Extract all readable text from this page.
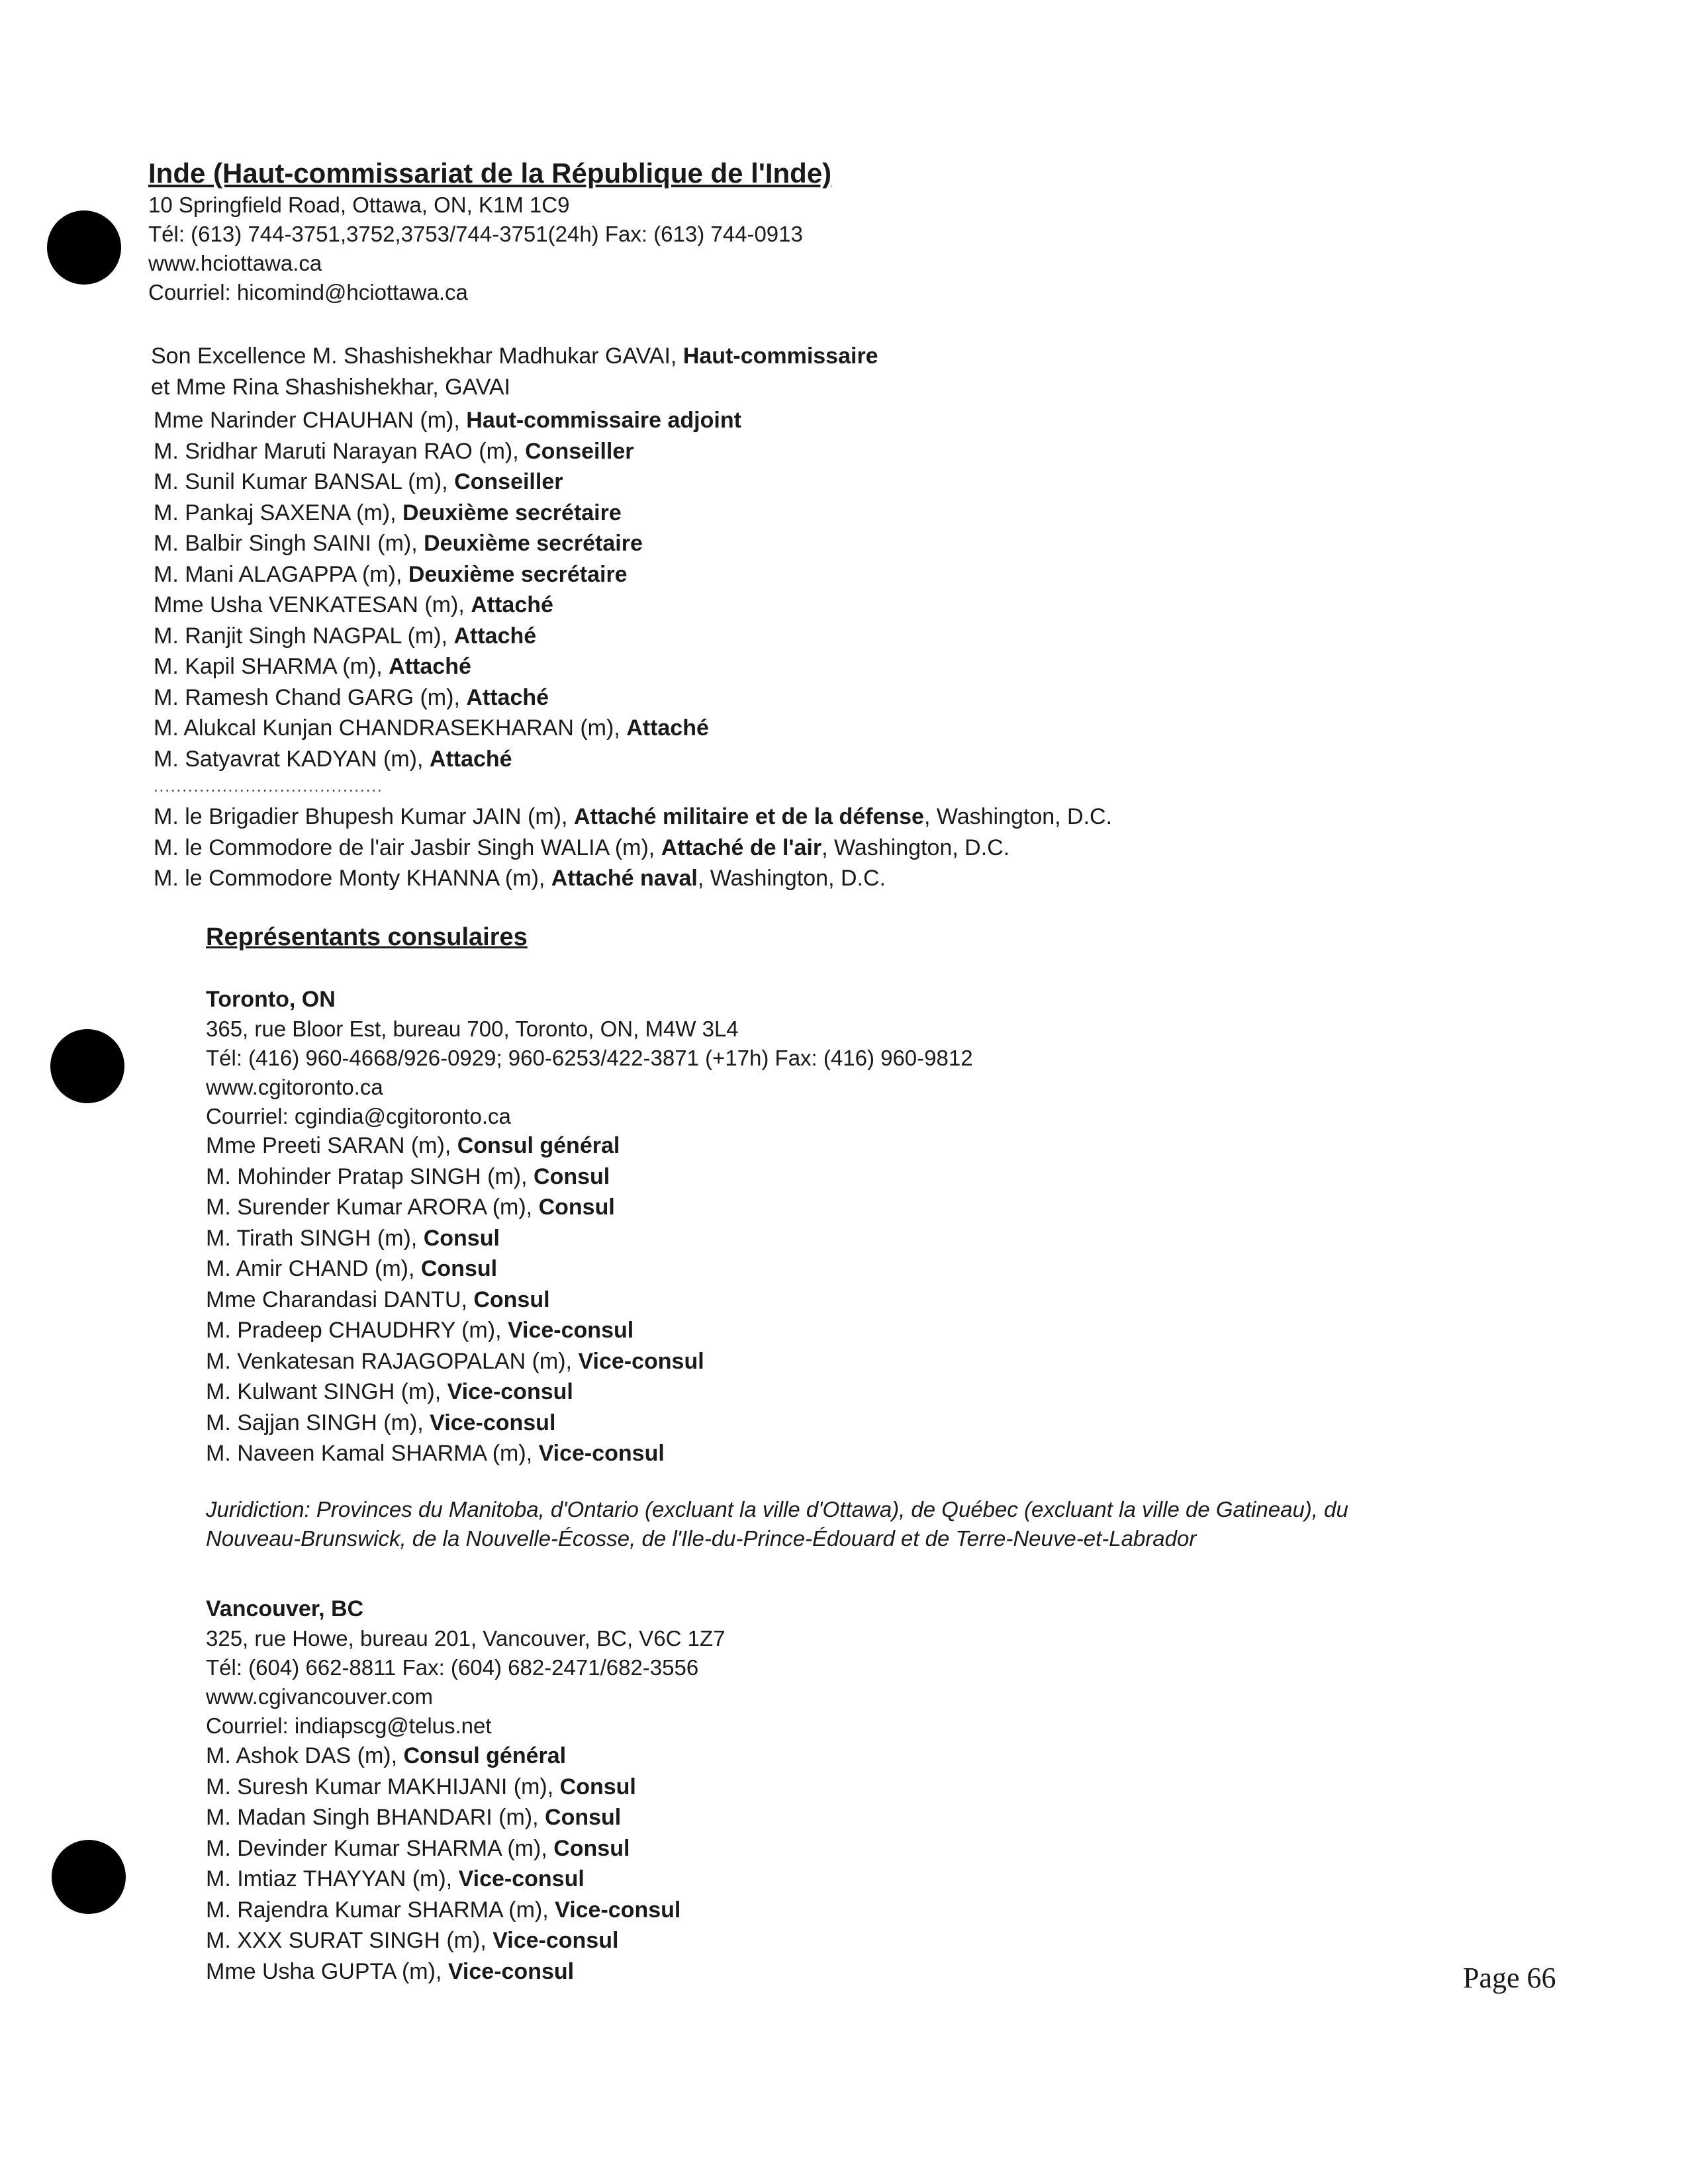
Inde (Haut-commissariat de la République de l'Inde)
10 Springfield Road, Ottawa, ON, K1M 1C9
Tél: (613) 744-3751,3752,3753/744-3751(24h) Fax: (613) 744-0913
www.hciottawa.ca
Courriel: hicomind@hciottawa.ca
Son Excellence M. Shashishekhar Madhukar GAVAI, Haut-commissaire
et Mme Rina Shashishekhar, GAVAI
Mme Narinder CHAUHAN (m), Haut-commissaire adjoint
M. Sridhar Maruti Narayan RAO (m), Conseiller
M. Sunil Kumar BANSAL (m), Conseiller
M. Pankaj SAXENA (m), Deuxième secrétaire
M. Balbir Singh SAINI (m), Deuxième secrétaire
M. Mani ALAGAPPA (m), Deuxième secrétaire
Mme Usha VENKATESAN (m), Attaché
M. Ranjit Singh NAGPAL (m), Attaché
M. Kapil SHARMA (m), Attaché
M. Ramesh Chand GARG (m), Attaché
M. Alukcal Kunjan CHANDRASEKHARAN (m), Attaché
M. Satyavrat KADYAN (m), Attaché
........................................
M. le Brigadier Bhupesh Kumar JAIN (m), Attaché militaire et de la défense, Washington, D.C.
M. le Commodore de l'air Jasbir Singh WALIA (m), Attaché de l'air, Washington, D.C.
M. le Commodore Monty KHANNA (m), Attaché naval, Washington, D.C.
Représentants consulaires
Toronto, ON
365, rue Bloor Est, bureau 700, Toronto, ON, M4W 3L4
Tél: (416) 960-4668/926-0929; 960-6253/422-3871 (+17h) Fax: (416) 960-9812
www.cgitoronto.ca
Courriel: cgindia@cgitoronto.ca
Mme Preeti SARAN (m), Consul général
M. Mohinder Pratap SINGH (m), Consul
M. Surender Kumar ARORA (m), Consul
M. Tirath SINGH (m), Consul
M. Amir CHAND (m), Consul
Mme Charandasi DANTU, Consul
M. Pradeep CHAUDHRY (m), Vice-consul
M. Venkatesan RAJAGOPALAN (m), Vice-consul
M. Kulwant SINGH (m), Vice-consul
M. Sajjan SINGH (m), Vice-consul
M. Naveen Kamal SHARMA (m), Vice-consul
Juridiction: Provinces du Manitoba, d'Ontario (excluant la ville d'Ottawa), de Québec (excluant la ville de Gatineau), du
Nouveau-Brunswick, de la Nouvelle-Écosse, de l'Ile-du-Prince-Édouard et de Terre-Neuve-et-Labrador
Vancouver, BC
325, rue Howe, bureau 201, Vancouver, BC, V6C 1Z7
Tél: (604) 662-8811 Fax: (604) 682-2471/682-3556
www.cgivancouver.com
Courriel: indiapscg@telus.net
M. Ashok DAS (m), Consul général
M. Suresh Kumar MAKHIJANI (m), Consul
M. Madan Singh BHANDARI (m), Consul
M. Devinder Kumar SHARMA (m), Consul
M. Imtiaz THAYYAN (m), Vice-consul
M. Rajendra Kumar SHARMA (m), Vice-consul
M. XXX SURAT SINGH (m), Vice-consul
Mme Usha GUPTA (m), Vice-consul	Page 66
